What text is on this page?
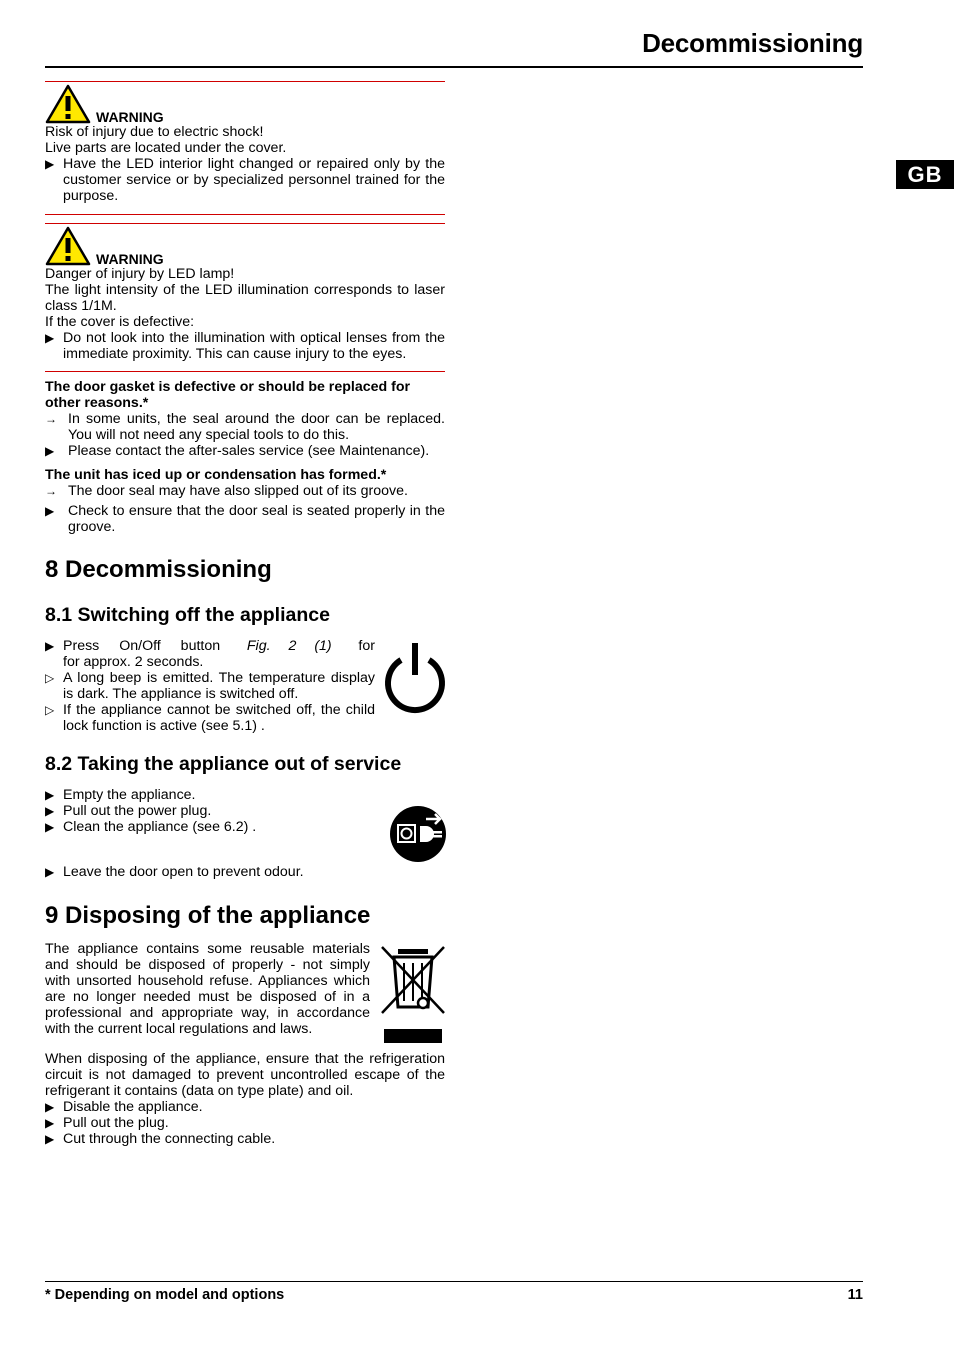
Decommissioning
GB
WARNING
Risk of injury due to electric shock!
Live parts are located under the cover.
▶ Have the LED interior light changed or repaired only by the customer service or by specialized personnel trained for the purpose.
WARNING
Danger of injury by LED lamp!
The light intensity of the LED illumination corresponds to laser class 1/1M.
If the cover is defective:
▶ Do not look into the illumination with optical lenses from the immediate proximity. This can cause injury to the eyes.
The door gasket is defective or should be replaced for other reasons.*
→ In some units, the seal around the door can be replaced. You will not need any special tools to do this.
▶ Please contact the after-sales service (see Maintenance).
The unit has iced up or condensation has formed.*
→ The door seal may have also slipped out of its groove.
▶ Check to ensure that the door seal is seated properly in the groove.
8 Decommissioning
8.1 Switching off the appliance
▶ Press On/Off button Fig. 2 (1) for
for approx. 2 seconds.
▷ A long beep is emitted. The temperature display is dark. The appliance is switched off.
▷ If the appliance cannot be switched off, the child lock function is active (see 5.1) .
8.2 Taking the appliance out of service
▶ Empty the appliance.
▶ Pull out the power plug.
▶ Clean the appliance (see 6.2) .
▶ Leave the door open to prevent odour.
9 Disposing of the appliance
The appliance contains some reusable materials and should be disposed of properly - not simply with unsorted household refuse. Appliances which are no longer needed must be disposed of in a professional and appropriate way, in accordance with the current local regulations and laws.
When disposing of the appliance, ensure that the refrigeration circuit is not damaged to prevent uncontrolled escape of the refrigerant it contains (data on type plate) and oil.
▶ Disable the appliance.
▶ Pull out the plug.
▶ Cut through the connecting cable.
* Depending on model and options	11
